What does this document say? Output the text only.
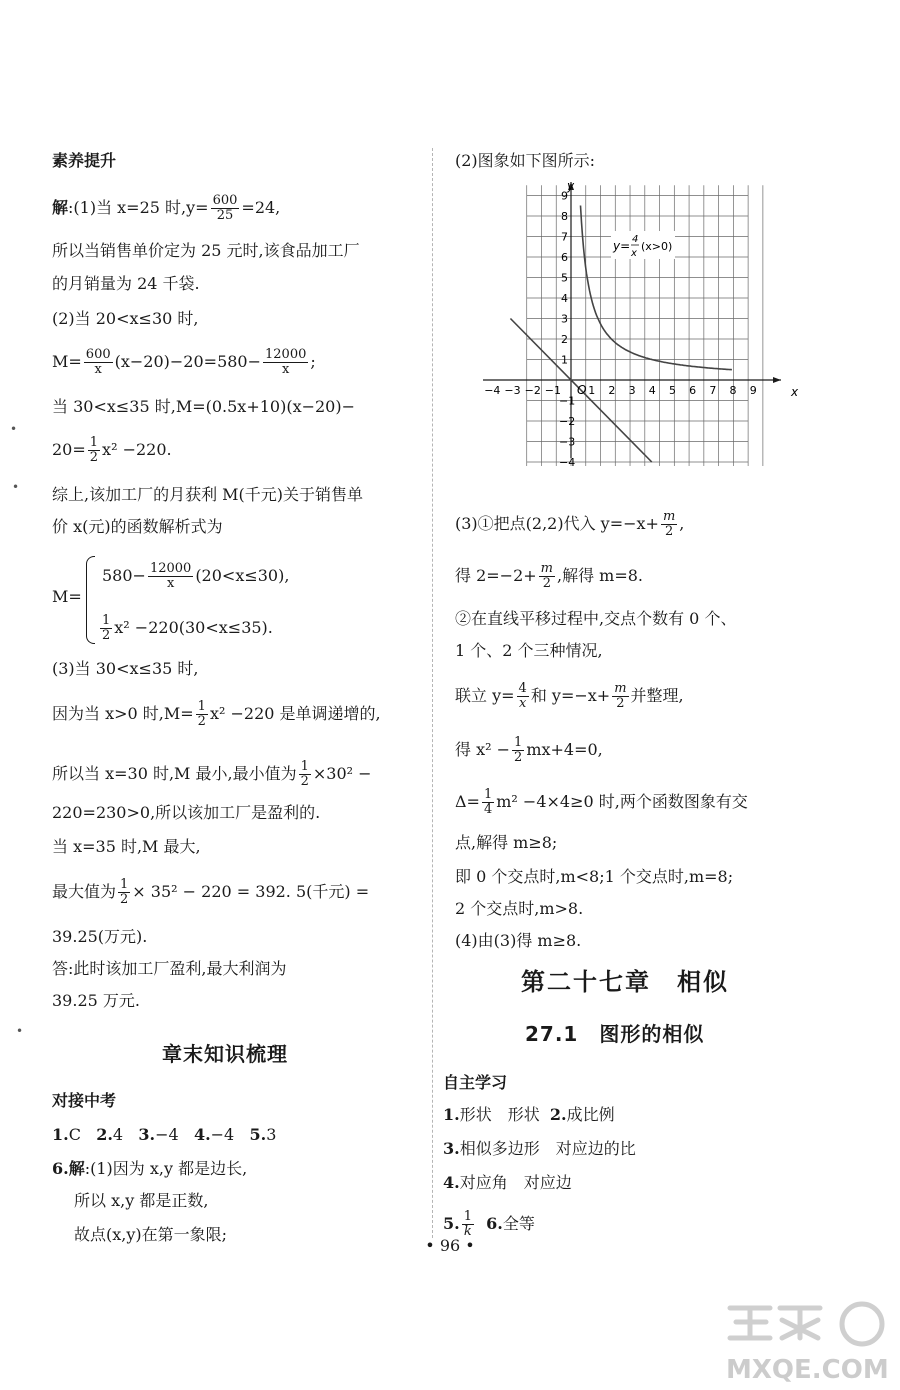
素养提升
解:(1)当 x=25 时$,y= \frac{600}{25} =24$,
所以当销售单价定为 25 元时,该食品加工厂
的月销量为 24 千袋.
(2)当 20<x≤30 时,
$M= \frac{600}{x} (x-20)-20=580- \frac{12000}{x}$ ;
当 30<x≤35 时,M=(0.5x+10)(x−20)−
$20= \frac{1}{2} x^2 -220$.
综上,该加工厂的月获利 M(千元)关于销售单
价 x(元)的函数解析式为
M=
$580- \frac{12000}{x} (20<x\le 30)$,
$\frac{1}{2} x^2 -220(30<x\le 35)$.
(3)当 30<x≤35 时,
因为当 x>0 时$,M= \frac{1}{2} x^2 -220$ 是单调递增的,
所以当 x=30 时,M 最小,最小值为 $\frac{1}{2} \times 30^2$ −
220=230>0,所以该加工厂是盈利的.
当 x=35 时,M 最大,
最大值为 $\frac{1}{2} \times 35^2 - 220 = 392$. 5(千元) =
39.25(万元).
答:此时该加工厂盈利,最大利润为
39.25 万元.
章末知识梳理
对接中考
1.C 2.4 3.−4 4.−4 5.3
6.解:(1)因为 x,y 都是边长,
所以 x,y 都是正数,
故点(x,y)在第一象限;
(2)图象如下图所示:
y
x
O
−4 −3 −2 −1 1 2 3 4 5 6 7 8 9
1
2
3
4
5
6
7
8
9
−1
−2
−3
−4
y= 4
x
(x>0)
(3)①把点(2,2)代入 $y=-x+ \frac{m}{2}$ ,
得 $2=-2+ \frac{m}{2}$ ,解得 m=8.
②在直线平移过程中,交点个数有 0 个、
1 个、2 个三种情况,
联立 $y= \frac{4}{x}$ 和 $y=-x+ \frac{m}{2}$ 并整理,
得 $x^2 - \frac{1}{2} mx+4=0$,
$\Delta= \frac{1}{4} m^2 -4\times 4\ge 0$ 时,两个函数图象有交
点,解得 m≥8;
即 0 个交点时,m<8;1 个交点时,m=8;
2 个交点时,m>8.
(4)由(3)得 m≥8.
第二十七章　相似
27.1　图形的相似
自主学习
1.形状　形状 2.成比例
3.相似多边形　对应边的比
4.对应角　对应边
5. $\frac{1}{k} 6$.全等
• 96 •
•
•
•
MXQE.COM
